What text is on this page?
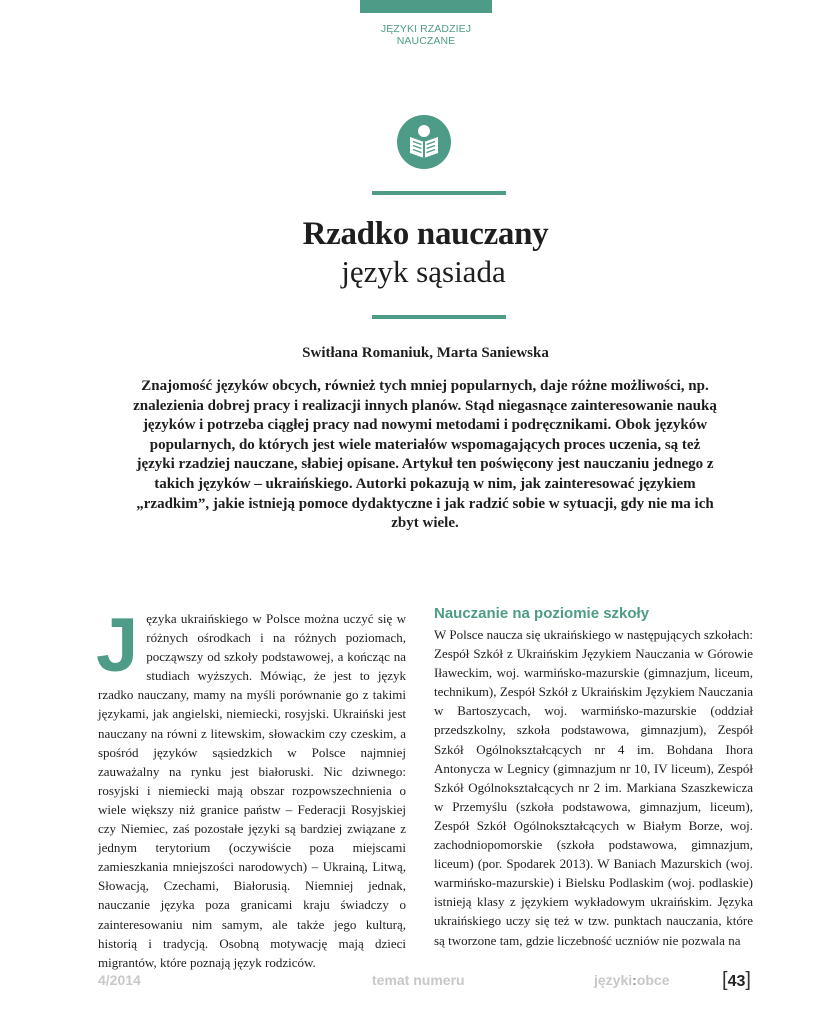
JĘZYKI RZADZIEJ
NAUCZANE
Rzadko nauczany
język sąsiada
Switłana Romaniuk, Marta Saniewska
Znajomość języków obcych, również tych mniej popularnych, daje różne możliwości, np. znalezienia dobrej pracy i realizacji innych planów. Stąd niegasnące zainteresowanie nauką języków i potrzeba ciągłej pracy nad nowymi metodami i podręcznikami. Obok języków popularnych, do których jest wiele materiałów wspomagających proces uczenia, są też języki rzadziej nauczane, słabiej opisane. Artykuł ten poświęcony jest nauczaniu jednego z takich języków – ukraińskiego. Autorki pokazują w nim, jak zainteresować językiem „rzadkim”, jakie istnieją pomoce dydaktyczne i jak radzić sobie w sytuacji, gdy nie ma ich zbyt wiele.
Języka ukraińskiego w Polsce można uczyć się w różnych ośrodkach i na różnych poziomach, począwszy od szkoły podstawowej, a kończąc na studiach wyższych. Mówiąc, że jest to język rzadko nauczany, mamy na myśli porównanie go z takimi językami, jak angielski, niemiecki, rosyjski. Ukraiński jest nauczany na równi z litewskim, słowackim czy czeskim, a spośród języków sąsiedzkich w Polsce najmniej zauważalny na rynku jest białoruski. Nic dziwnego: rosyjski i niemiecki mają obszar rozpowszechnienia o wiele większy niż granice państw – Federacji Rosyjskiej czy Niemiec, zaś pozostałe języki są bardziej związane z jednym terytorium (oczywiście poza miejscami zamieszkania mniejszości narodowych) – Ukrainą, Litwą, Słowacją, Czechami, Białorusią. Niemniej jednak, nauczanie języka poza granicami kraju świadczy o zainteresowaniu nim samym, ale także jego kulturą, historią i tradycją. Osobną motywację mają dzieci migrantów, które poznają język rodziców.
Nauczanie na poziomie szkoły
W Polsce naucza się ukraińskiego w następujących szkołach: Zespół Szkół z Ukraińskim Językiem Nauczania w Górowie Iławeckim, woj. warmińsko-mazurskie (gimnazjum, liceum, technikum), Zespół Szkół z Ukraińskim Językiem Nauczania w Bartoszycach, woj. warmińsko-mazurskie (oddział przedszkolny, szkoła podstawowa, gimnazjum), Zespół Szkół Ogólnokształcących nr 4 im. Bohdana Ihora Antonycza w Legnicy (gimnazjum nr 10, IV liceum), Zespół Szkół Ogólnokształcących nr 2 im. Markiana Szaszkewicza w Przemyślu (szkoła podstawowa, gimnazjum, liceum), Zespół Szkół Ogólnokształcących w Białym Borze, woj. zachodniopomorskie (szkoła podstawowa, gimnazjum, liceum) (por. Spodarek 2013). W Baniach Mazurskich (woj. warmińsko-mazurskie) i Bielsku Podlaskim (woj. podlaskie) istnieją klasy z językiem wykładowym ukraińskim. Języka ukraińskiego uczy się też w tzw. punktach nauczania, które są tworzone tam, gdzie liczebność uczniów nie pozwala na
4/2014	temat numeru	języki:obce	[43]
